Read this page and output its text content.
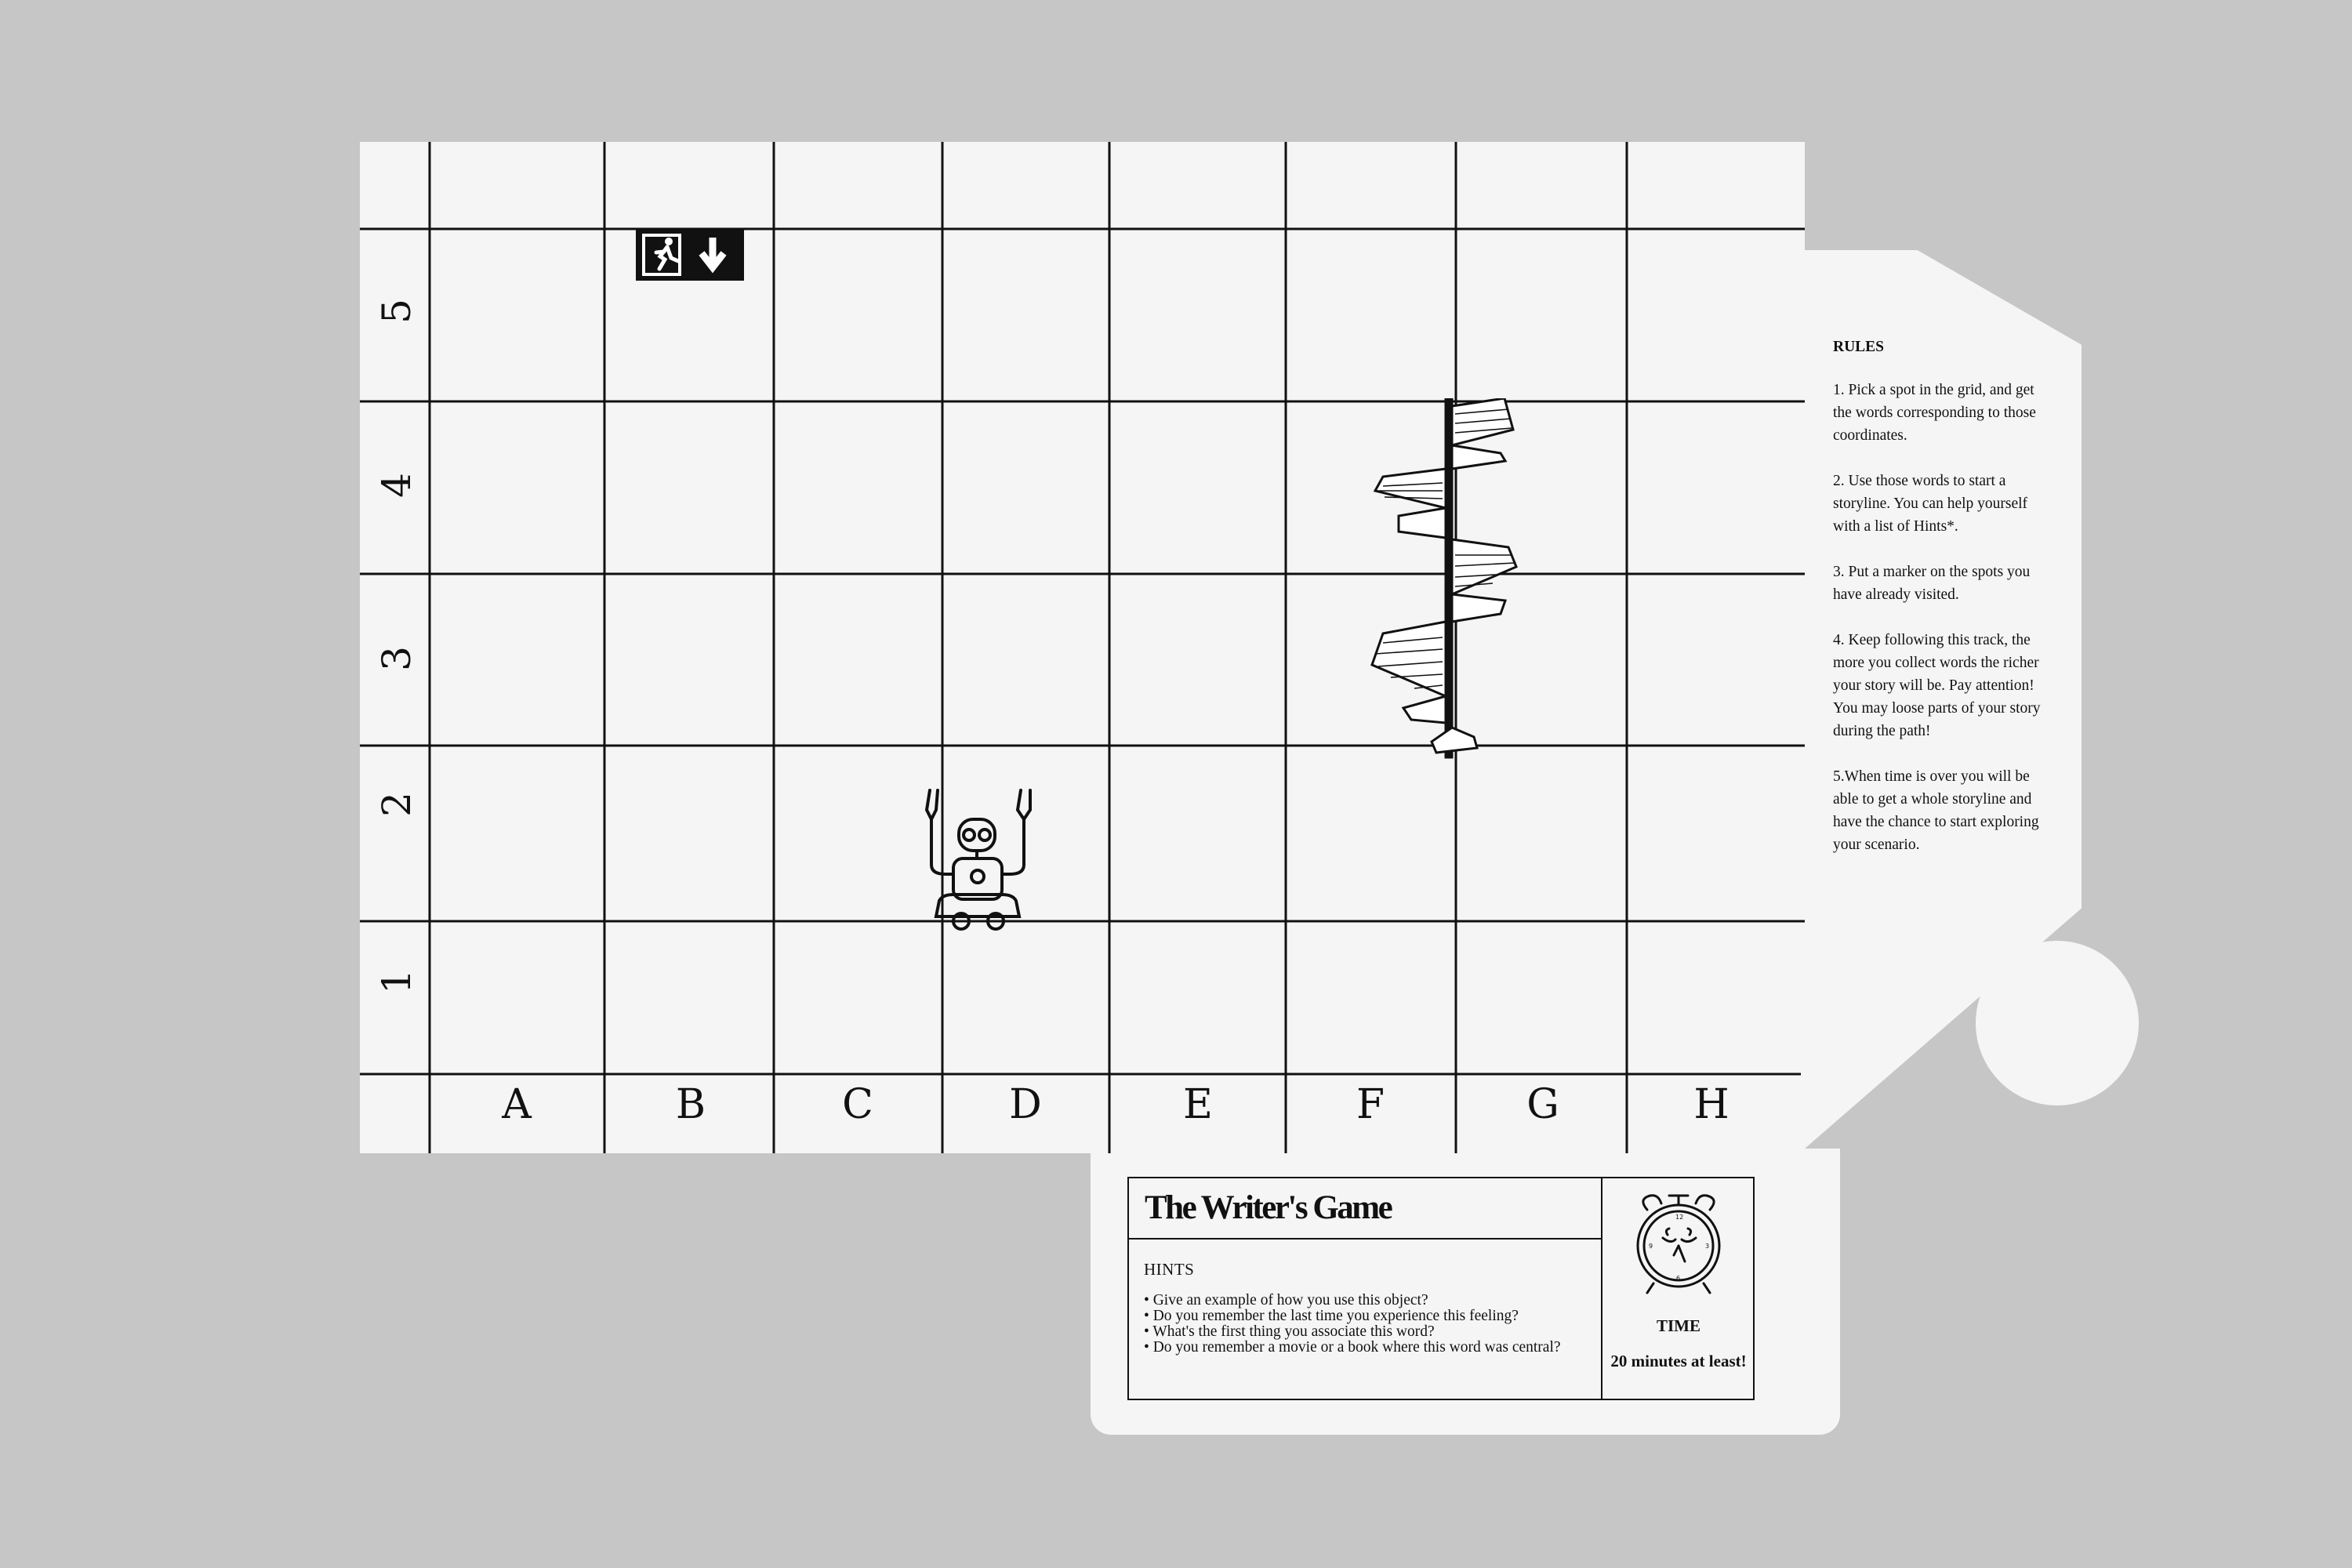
A	B	C	D	E	F	G	H
5
4
3
2
1
RULES
1. Pick a spot in the grid, and get the words corresponding to those coordinates.
2. Use those words to start a storyline. You can help yourself with a list of Hints*.
3. Put a marker on the spots you have already visited.
4. Keep following this track, the more you collect words the richer your story will be. Pay attention! You may loose parts of your story during the path!
5.When time is over you will be able to get a whole storyline and have the chance to start exploring your scenario.
The Writer's Game
HINTS
• Give an example of how you use this object?
• Do you remember the last time you experience this feeling?
• What's the first thing you associate this word?
• Do you remember a movie or a book where this word was central?
12
3
6
9
TIME
20 minutes at least!
